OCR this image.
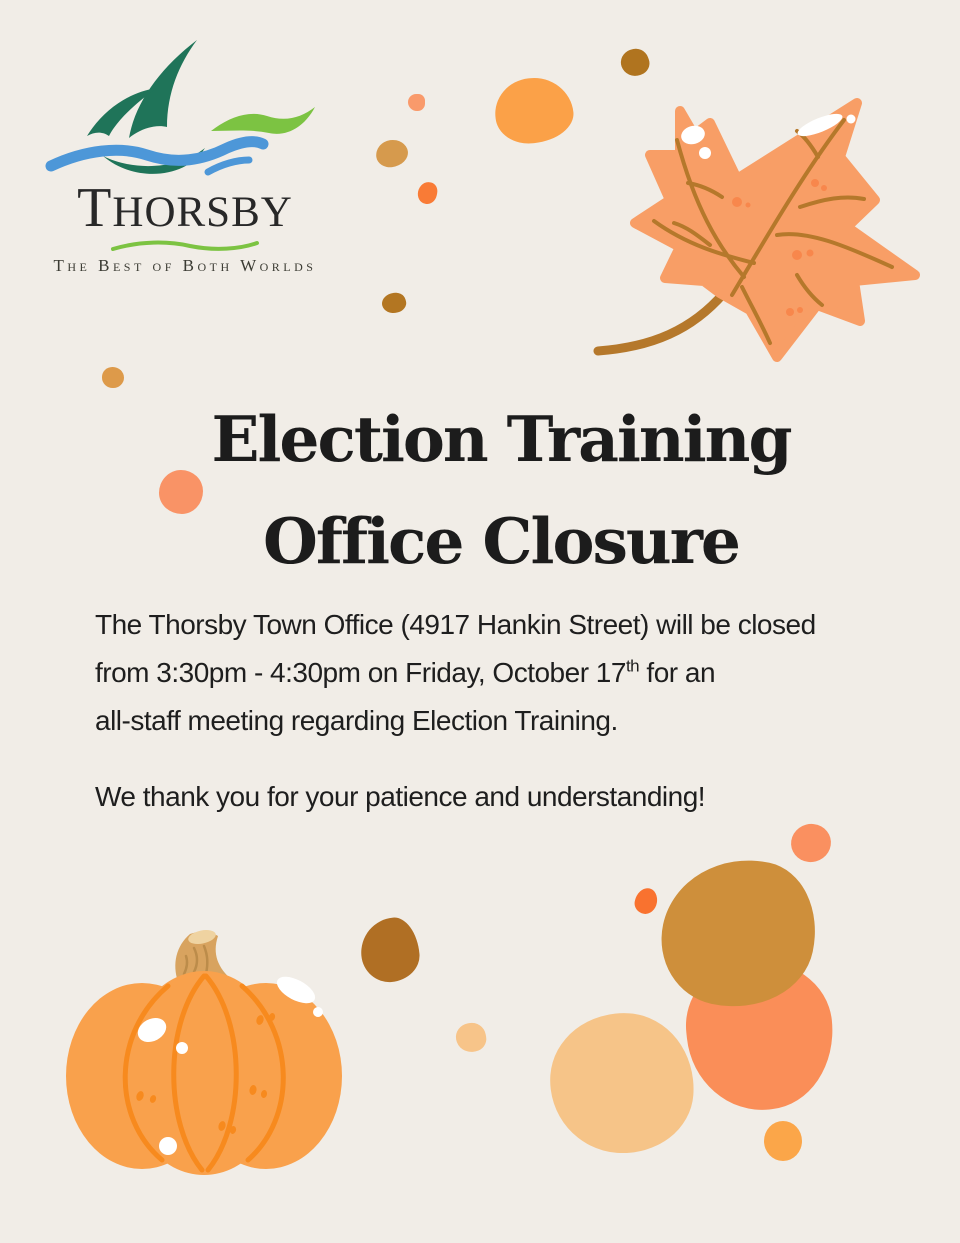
THORSBY
The Best of Both Worlds
Election Training
Office Closure
The Thorsby Town Office (4917 Hankin Street) will be closed
from 3:30pm - 4:30pm on Friday, October 17th for an
all-staff meeting regarding Election Training.
We thank you for your patience and understanding!
